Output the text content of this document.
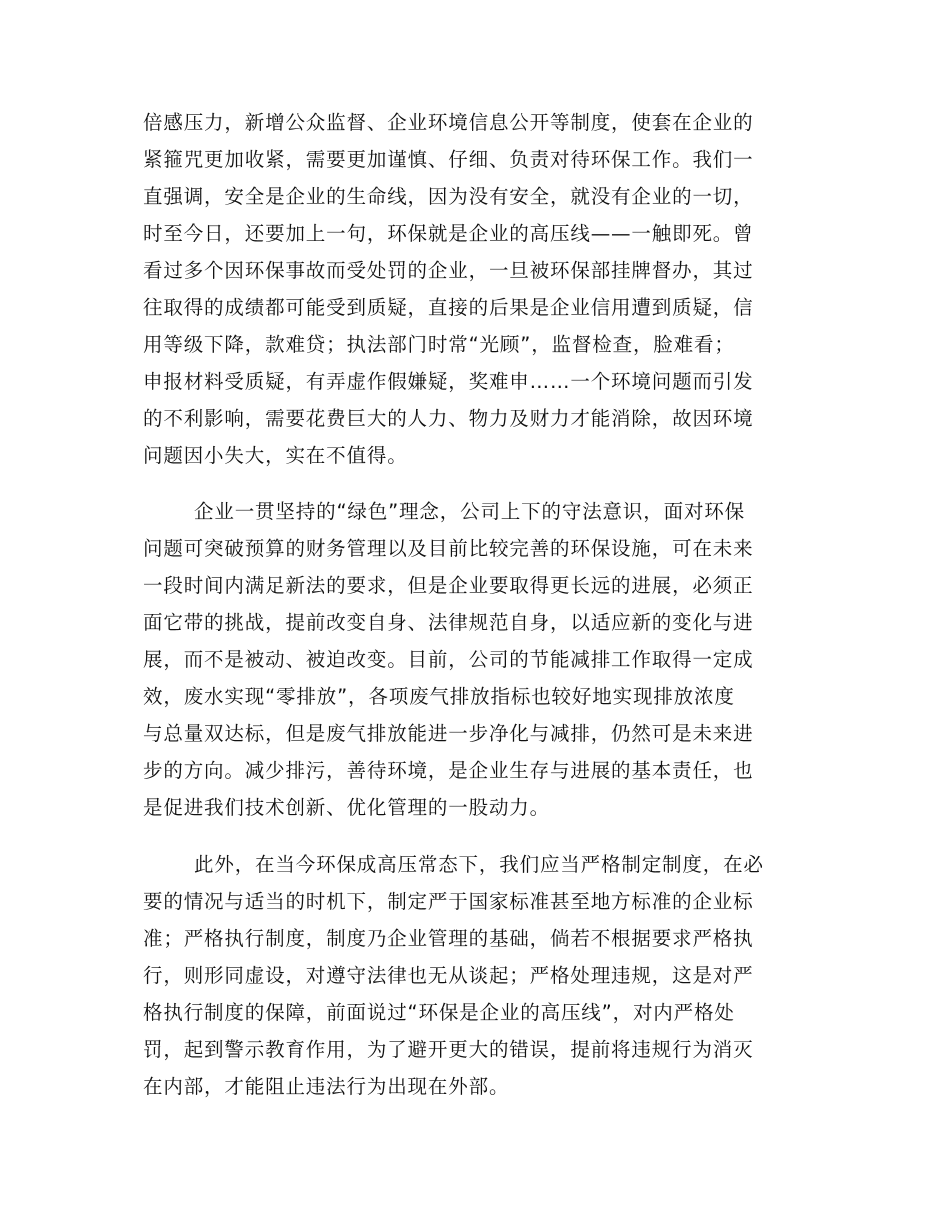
倍感压力，新增公众监督、企业环境信息公开等制度，使套在企业的
紧箍咒更加收紧，需要更加谨慎、仔细、负责对待环保工作。我们一
直强调，安全是企业的生命线，因为没有安全，就没有企业的一切，
时至今日，还要加上一句，环保就是企业的高压线——一触即死。曾
看过多个因环保事故而受处罚的企业，一旦被环保部挂牌督办，其过
往取得的成绩都可能受到质疑，直接的后果是企业信用遭到质疑，信
用等级下降，款难贷；执法部门时常“光顾”，监督检查，脸难看；
申报材料受质疑，有弄虚作假嫌疑，奖难申……一个环境问题而引发
的不利影响，需要花费巨大的人力、物力及财力才能消除，故因环境
问题因小失大，实在不值得。
企业一贯坚持的“绿色”理念，公司上下的守法意识，面对环保
问题可突破预算的财务管理以及目前比较完善的环保设施，可在未来
一段时间内满足新法的要求，但是企业要取得更长远的进展，必须正
面它带的挑战，提前改变自身、法律规范自身，以适应新的变化与进
展，而不是被动、被迫改变。目前，公司的节能减排工作取得一定成
效，废水实现“零排放”，各项废气排放指标也较好地实现排放浓度
与总量双达标，但是废气排放能进一步净化与减排，仍然可是未来进
步的方向。减少排污，善待环境，是企业生存与进展的基本责任，也
是促进我们技术创新、优化管理的一股动力。
此外，在当今环保成高压常态下，我们应当严格制定制度，在必
要的情况与适当的时机下，制定严于国家标准甚至地方标准的企业标
准；严格执行制度，制度乃企业管理的基础，倘若不根据要求严格执
行，则形同虚设，对遵守法律也无从谈起；严格处理违规，这是对严
格执行制度的保障，前面说过“环保是企业的高压线”，对内严格处
罚，起到警示教育作用，为了避开更大的错误，提前将违规行为消灭
在内部，才能阻止违法行为出现在外部。
